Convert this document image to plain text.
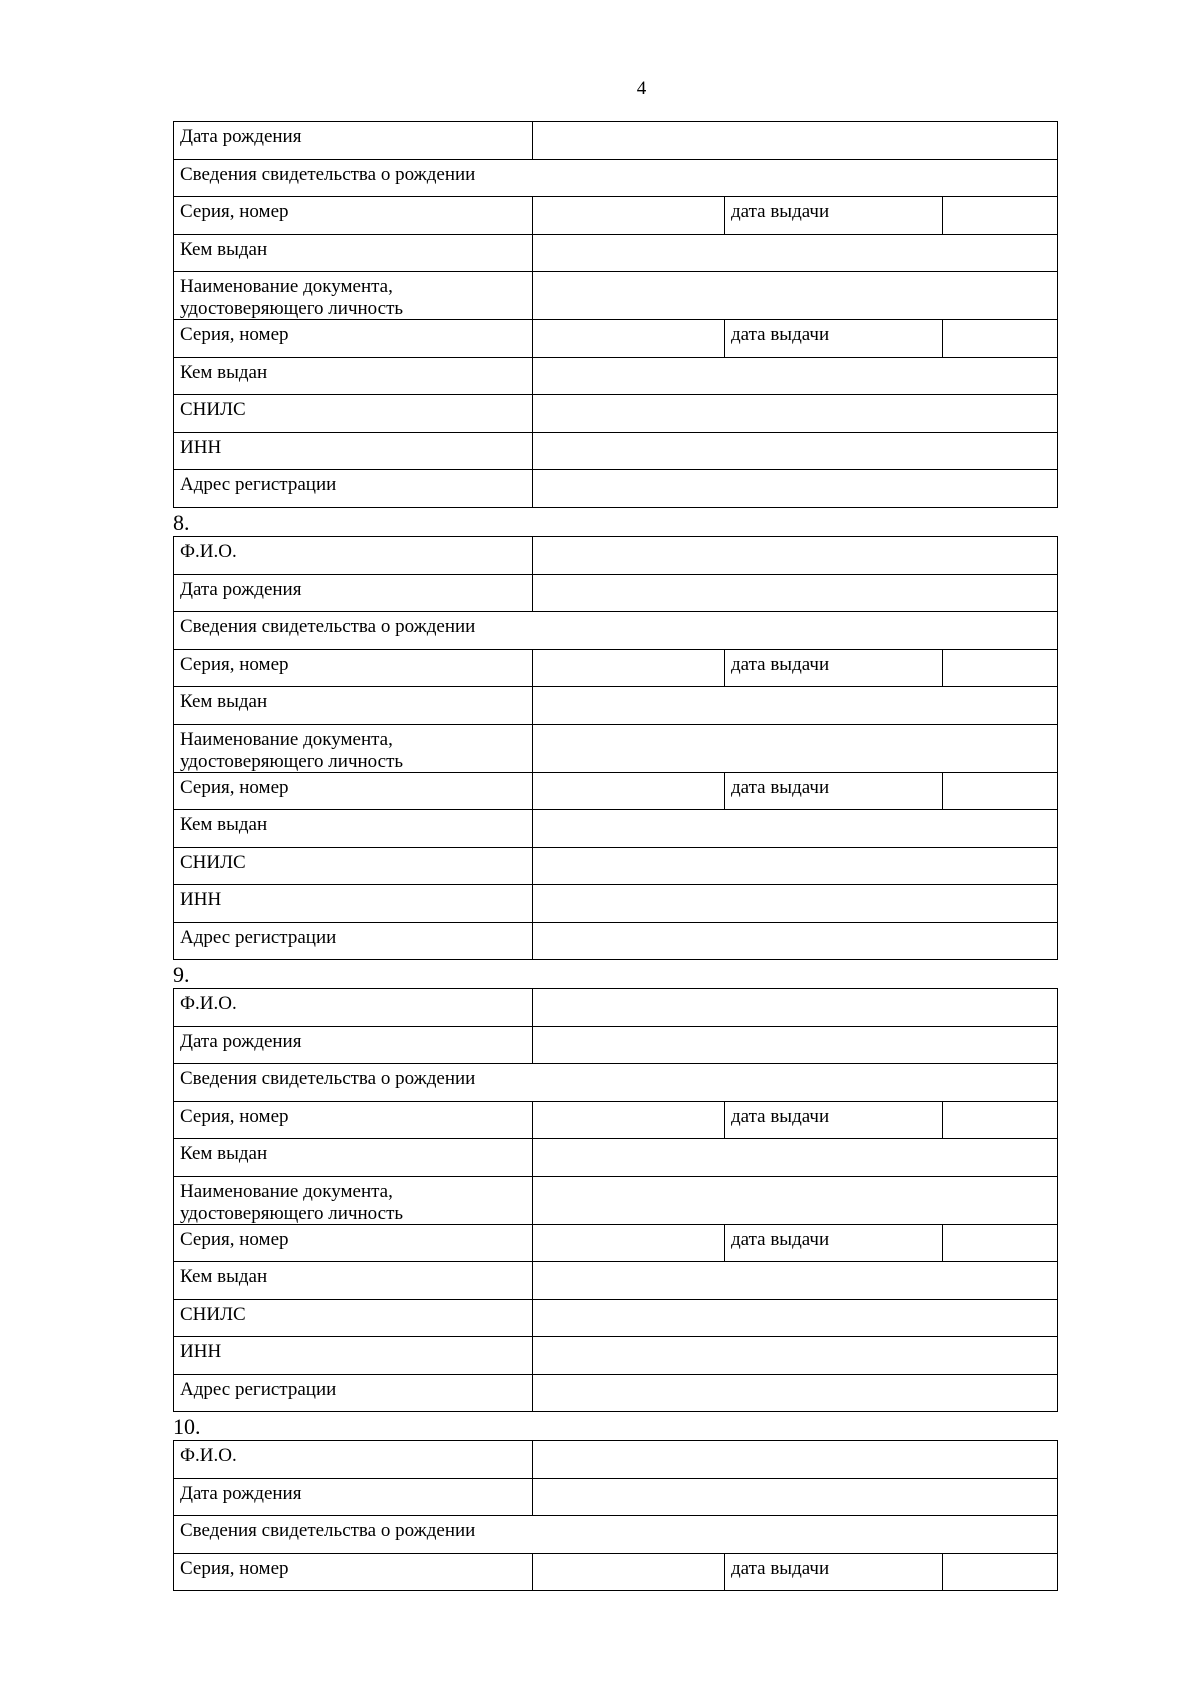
4
Дата рождения			
Сведения свидетельства о рождении			
Серия, номер		дата выдачи	
Кем выдан			
Наименование документа,
удостоверяющего личность			

Серия, номер		дата выдачи	
Кем выдан			
СНИЛС			
ИНН			
Адрес регистрации			
8.
Ф.И.О.			
Дата рождения			
Сведения свидетельства о рождении			
Серия, номер		дата выдачи	
Кем выдан			
Наименование документа,
удостоверяющего личность			

Серия, номер		дата выдачи	
Кем выдан			
СНИЛС			
ИНН			
Адрес регистрации			
9.
Ф.И.О.			
Дата рождения			
Сведения свидетельства о рождении			
Серия, номер		дата выдачи	
Кем выдан			
Наименование документа,
удостоверяющего личность			

Серия, номер		дата выдачи	
Кем выдан			
СНИЛС			
ИНН			
Адрес регистрации			
10.
Ф.И.О.			
Дата рождения			
Сведения свидетельства о рождении			
Серия, номер		дата выдачи	
